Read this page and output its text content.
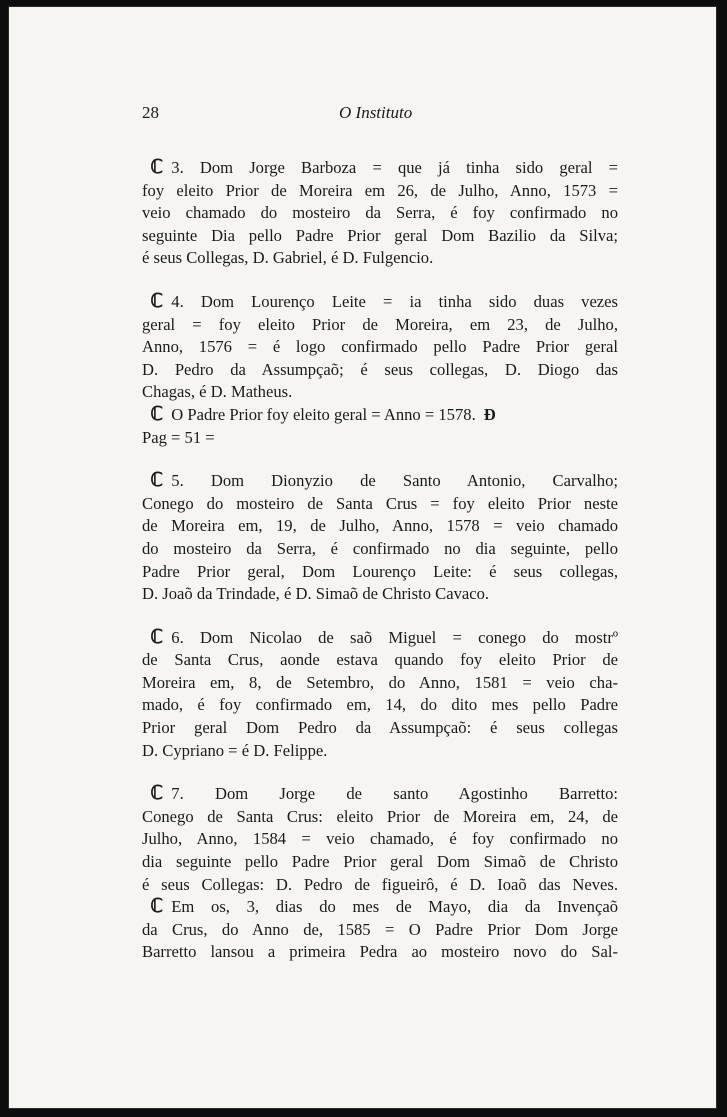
28	O Instituto
ℂ 3. Dom Jorge Barboza = que já tinha sido geral =
foy eleito Prior de Moreira em 26, de Julho, Anno, 1573 =
veio chamado do mosteiro da Serra, é foy confirmado no
seguinte Dia pello Padre Prior geral Dom Bazilio da Silva;
é seus Collegas, D. Gabriel, é D. Fulgencio.
ℂ 4. Dom Lourenço Leite = ia tinha sido duas vezes
geral = foy eleito Prior de Moreira, em 23, de Julho,
Anno, 1576 = é logo confirmado pello Padre Prior geral
D. Pedro da Assumpçaõ; é seus collegas, D. Diogo das
Chagas, é D. Matheus.
ℂ O Padre Prior foy eleito geral = Anno = 1578. Đ
Pag = 51 =
ℂ 5. Dom Dionyzio de Santo Antonio, Carvalho;
Conego do mosteiro de Santa Crus = foy eleito Prior neste
de Moreira em, 19, de Julho, Anno, 1578 = veio chamado
do mosteiro da Serra, é confirmado no dia seguinte, pello
Padre Prior geral, Dom Lourenço Leite: é seus collegas,
D. Joaõ da Trindade, é D. Simaõ de Christo Cavaco.
ℂ 6. Dom Nicolao de saõ Miguel = conego do mostrº
de Santa Crus, aonde estava quando foy eleito Prior de
Moreira em, 8, de Setembro, do Anno, 1581 = veio cha-
mado, é foy confirmado em, 14, do dito mes pello Padre
Prior geral Dom Pedro da Assumpçaõ: é seus collegas
D. Cypriano = é D. Felippe.
ℂ 7. Dom Jorge de santo Agostinho Barretto:
Conego de Santa Crus: eleito Prior de Moreira em, 24, de
Julho, Anno, 1584 = veio chamado, é foy confirmado no
dia seguinte pello Padre Prior geral Dom Simaõ de Christo
é seus Collegas: D. Pedro de figueirô, é D. Ioaõ das Neves.
ℂ Em os, 3, dias do mes de Mayo, dia da Invençaõ
da Crus, do Anno de, 1585 = O Padre Prior Dom Jorge
Barretto lansou a primeira Pedra ao mosteiro novo do Sal-
